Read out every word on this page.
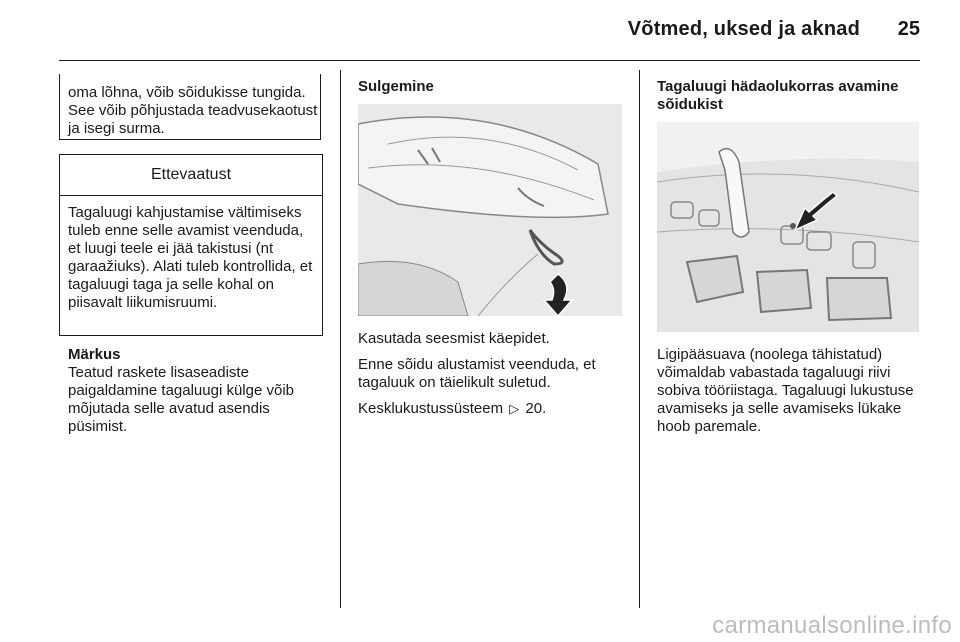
Võtmed, uksed ja aknad	25
oma lõhna, võib sõidukisse tungida. See võib põhjustada teadvusekaotust ja isegi surma.
Ettevaatust
Tagaluugi kahjustamise vältimiseks tuleb enne selle avamist veenduda, et luugi teele ei jää takistusi (nt garaažiuks). Alati tuleb kontrollida, et tagaluugi taga ja selle kohal on piisavalt liikumisruumi.
Märkus
Teatud raskete lisaseadiste paigaldamine tagaluugi külge võib mõjutada selle avatud asendis püsimist.
Sulgemine
Kasutada seesmist käepidet.
Enne sõidu alustamist veenduda, et tagaluuk on täielikult suletud.
Kesklukustussüsteem ▷ 20.
Tagaluugi hädaolukorras avamine sõidukist
Ligipääsuava (noolega tähistatud) võimaldab vabastada tagaluugi riivi sobiva tööriistaga. Tagaluugi lukustuse avamiseks ja selle avamiseks lükake hoob paremale.
carmanualsonline.info
